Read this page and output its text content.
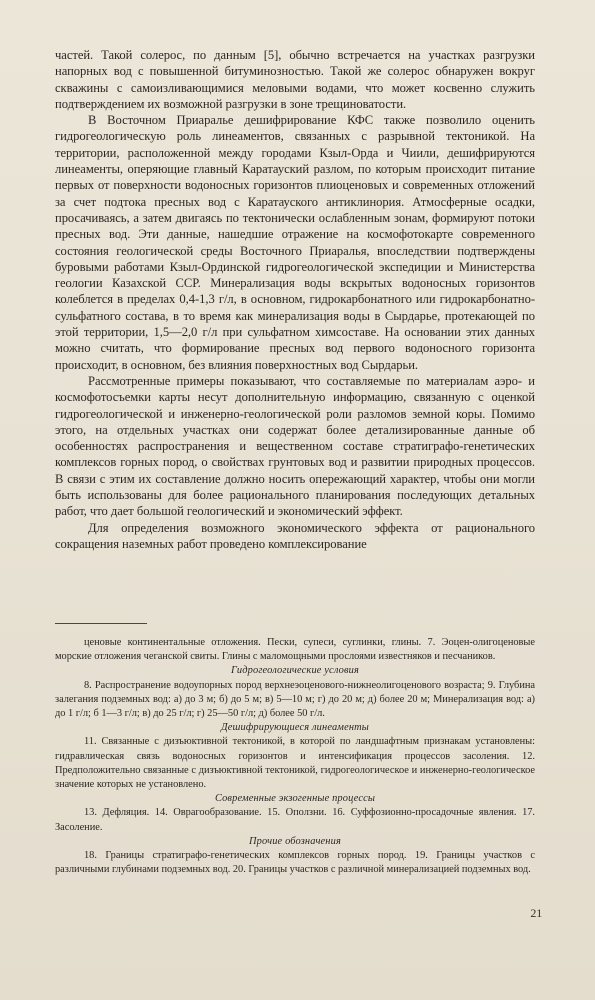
частей. Такой солерос, по данным [5], обычно встречается на участках разгрузки напорных вод с повышенной битуминозностью. Такой же солерос обнаружен вокруг скважины с самоизливающимися меловыми водами, что может косвенно служить подтверждением их возможной разгрузки в зоне трещиноватости.

В Восточном Приаралье дешифрирование КФС также позволило оценить гидрогеологическую роль линеаментов, связанных с разрывной тектоникой. На территории, расположенной между городами Кзыл-Орда и Чиили, дешифрируются линеаменты, оперяющие главный Каратауский разлом, по которым происходит питание первых от поверхности водоносных горизонтов плиоценовых и современных отложений за счет подтока пресных вод с Каратауского антиклинория. Атмосферные осадки, просачиваясь, а затем двигаясь по тектонически ослабленным зонам, формируют потоки пресных вод. Эти данные, нашедшие отражение на космофотокарте современного состояния геологической среды Восточного Приаралья, впоследствии подтверждены буровыми работами Кзыл-Ординской гидрогеологической экспедиции и Министерства геологии Казахской ССР. Минерализация воды вскрытых водоносных горизонтов колеблется в пределах 0,4-1,3 г/л, в основном, гидрокарбонатного или гидрокарбонатно-сульфатного состава, в то время как минерализация воды в Сырдарье, протекающей по этой территории, 1,5—2,0 г/л при сульфатном химсоставе. На основании этих данных можно считать, что формирование пресных вод первого водоносного горизонта происходит, в основном, без влияния поверхностных вод Сырдарьи.

Рассмотренные примеры показывают, что составляемые по материалам аэро- и космофотосъемки карты несут дополнительную информацию, связанную с оценкой гидрогеологической и инженерно-геологической роли разломов земной коры. Помимо этого, на отдельных участках они содержат более детализированные данные об особенностях распространения и вещественном составе стратиграфо-генетических комплексов горных пород, о свойствах грунтовых вод и развитии природных процессов. В связи с этим их составление должно носить опережающий характер, чтобы они могли быть использованы для более рационального планирования последующих детальных работ, что дает большой геологический и экономический эффект.

Для определения возможного экономического эффекта от рационального сокращения наземных работ проведено комплексирование

ценовые континентальные отложения. Пески, супеси, суглинки, глины. 7. Эоцен-олигоценовые морские отложения чеганской свиты. Глины с маломощными прослоями известняков и песчаников.

Гидрогеологические условия

8. Распространение водоупорных пород верхнеэоценового-нижнеолигоценового возраста; 9. Глубина залегания подземных вод: а) до 3 м; б) до 5 м; в) 5—10 м; г) до 20 м; д) более 20 м; Минерализация вод: а) до 1 г/л; б 1—3 г/л; в) до 25 г/л; г) 25—50 г/л; д) более 50 г/л.

Дешифрирующиеся линеаменты

11. Связанные с дизъюктивной тектоникой, в которой по ландшафтным признакам установлены: гидравлическая связь водоносных горизонтов и интенсификация процессов засоления. 12. Предположительно связанные с дизъюктивной тектоникой, гидрогеологическое и инженерно-геологическое значение которых не установлено.

Современные экзогенные процессы

13. Дефляция. 14. Оврагообразование. 15. Оползни. 16. Суффозионно-просадочные явления. 17. Засоление.

Прочие обозначения

18. Границы стратиграфо-генетических комплексов горных пород. 19. Границы участков с различными глубинами подземных вод. 20. Границы участков с различной минерализацией подземных вод.

21
